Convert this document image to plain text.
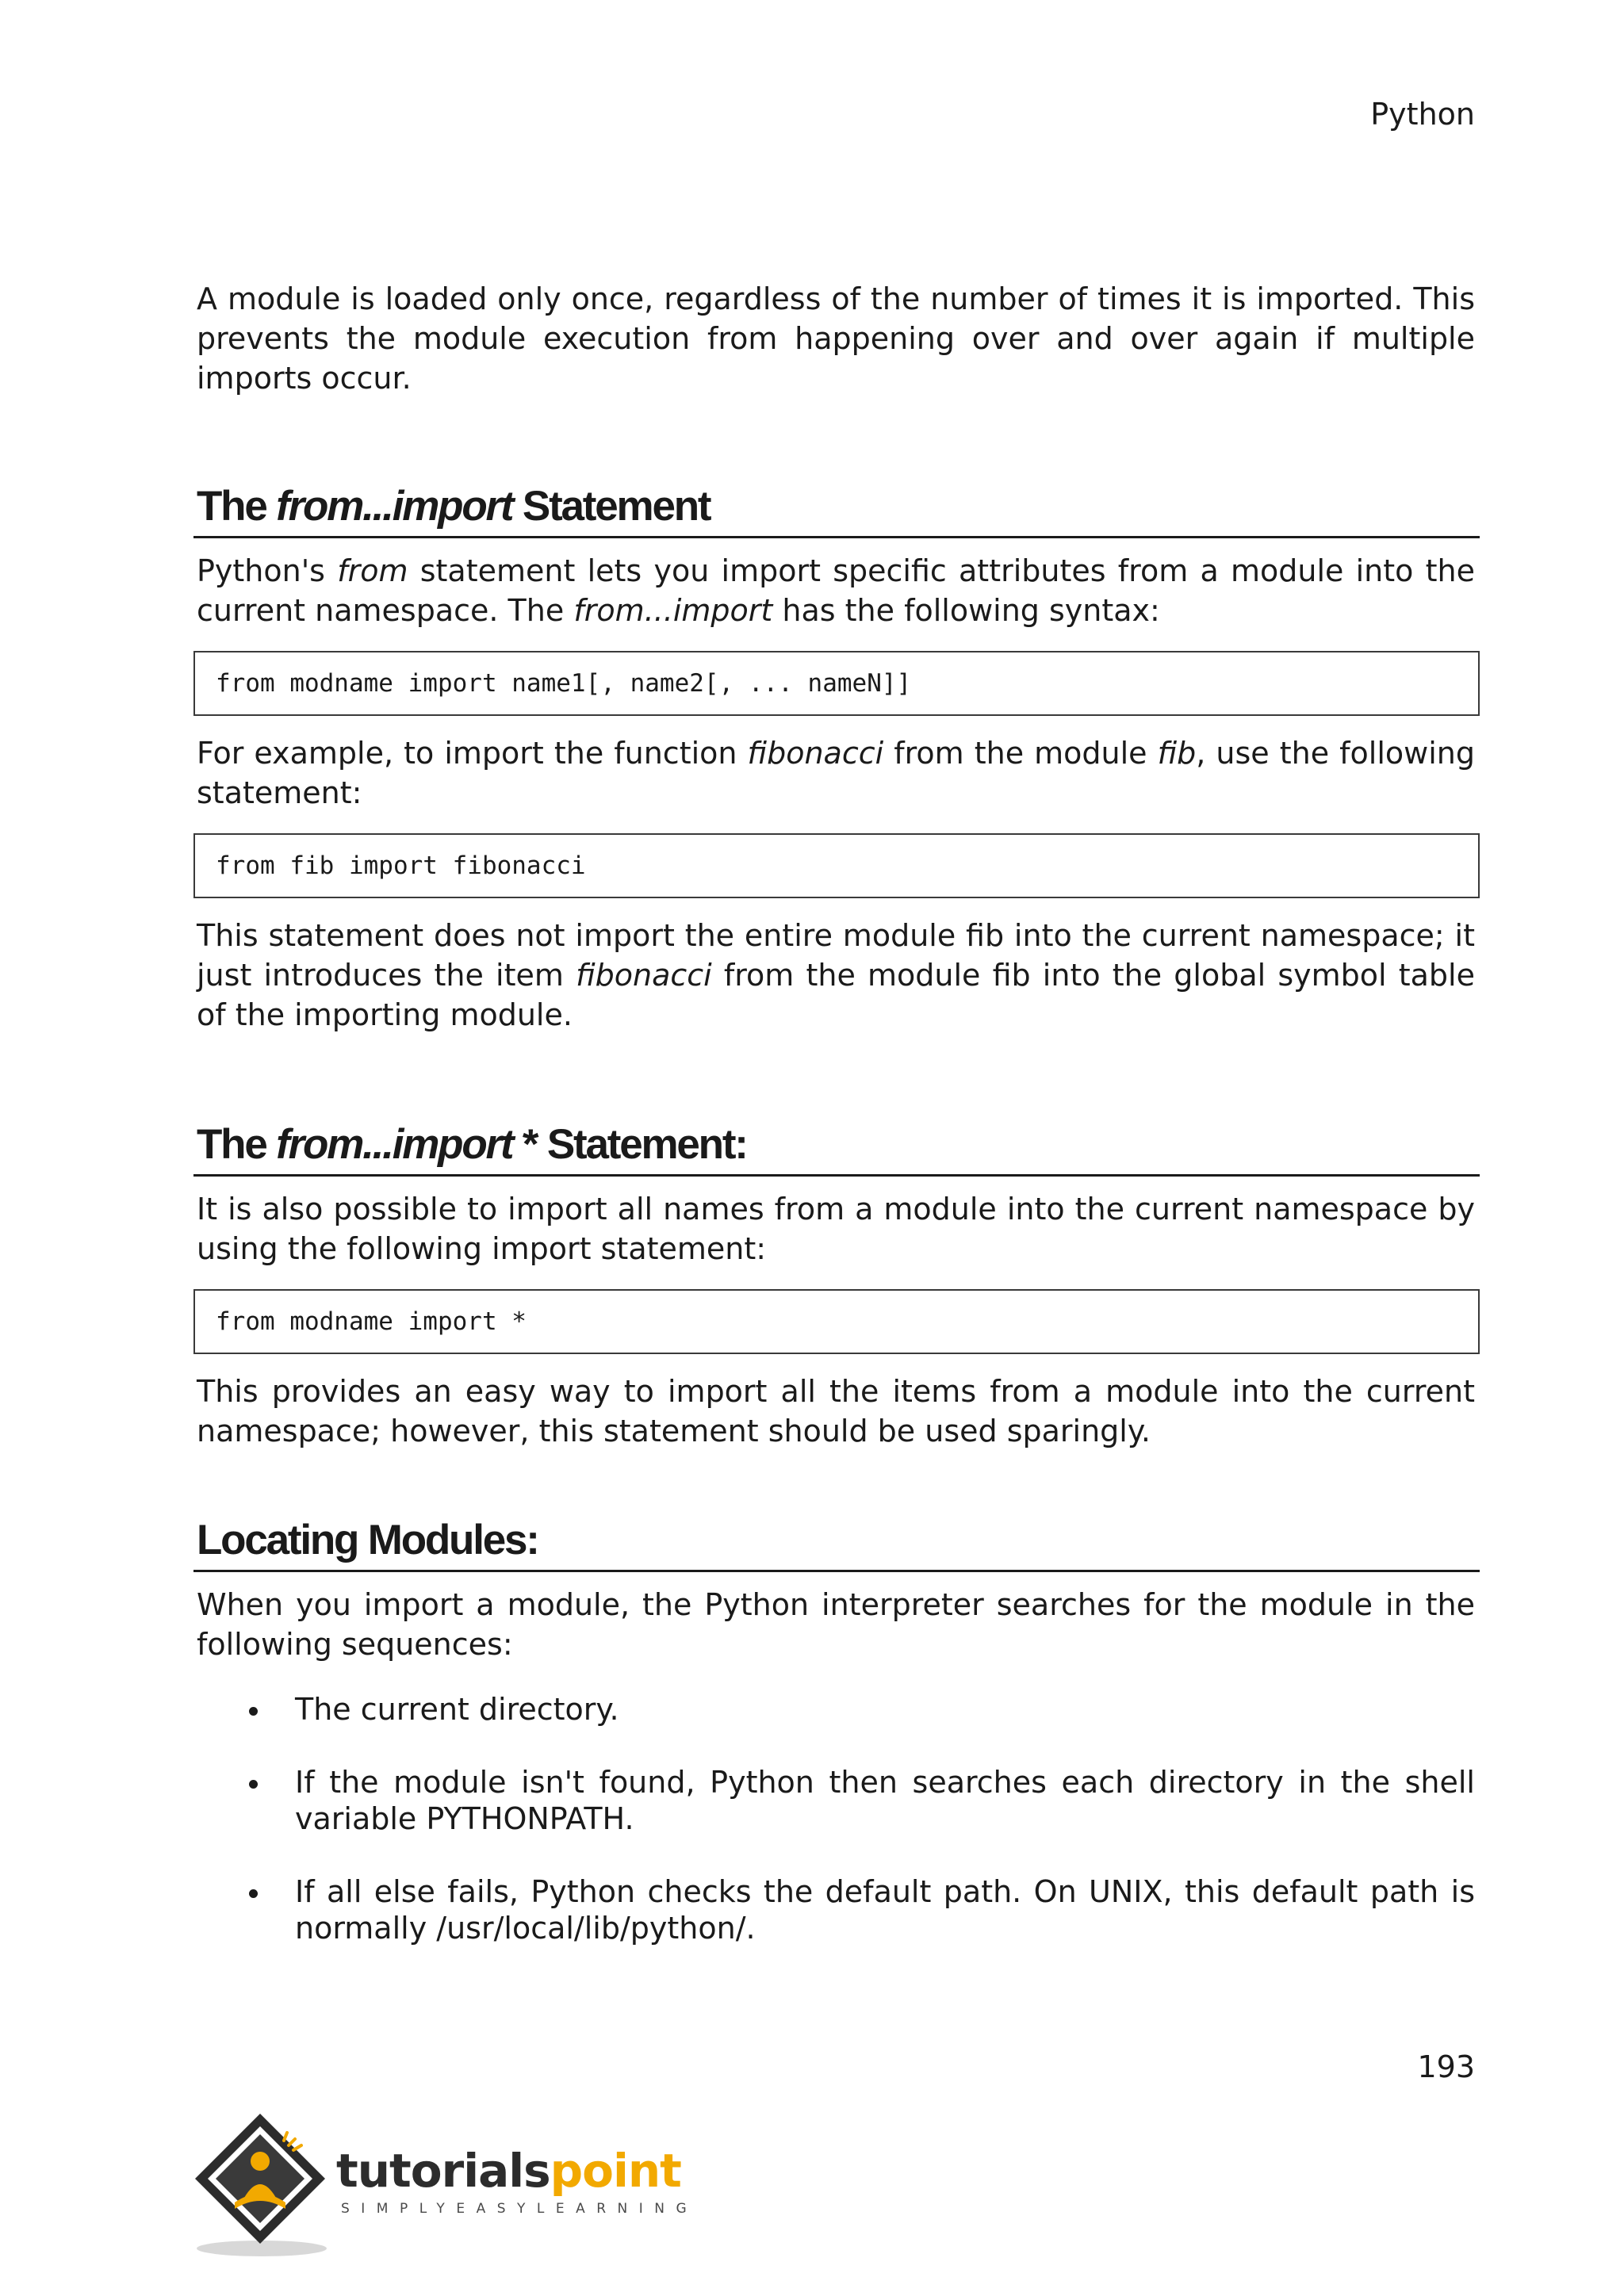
Python

A module is loaded only once, regardless of the number of times it is imported. This prevents the module execution from happening over and over again if multiple imports occur.

The from...import Statement

Python's from statement lets you import specific attributes from a module into the current namespace. The from...import has the following syntax:

from modname import name1[, name2[, ... nameN]]

For example, to import the function fibonacci from the module fib, use the following statement:

from fib import fibonacci

This statement does not import the entire module fib into the current namespace; it just introduces the item fibonacci from the module fib into the global symbol table of the importing module.

The from...import * Statement:

It is also possible to import all names from a module into the current namespace by using the following import statement:

from modname import *

This provides an easy way to import all the items from a module into the current namespace; however, this statement should be used sparingly.

Locating Modules:

When you import a module, the Python interpreter searches for the module in the following sequences:

The current directory.
If the module isn't found, Python then searches each directory in the shell variable PYTHONPATH.
If all else fails, Python checks the default path. On UNIX, this default path is normally /usr/local/lib/python/.
193
tutorialspoint
SIMPLYEASYLEARNING
